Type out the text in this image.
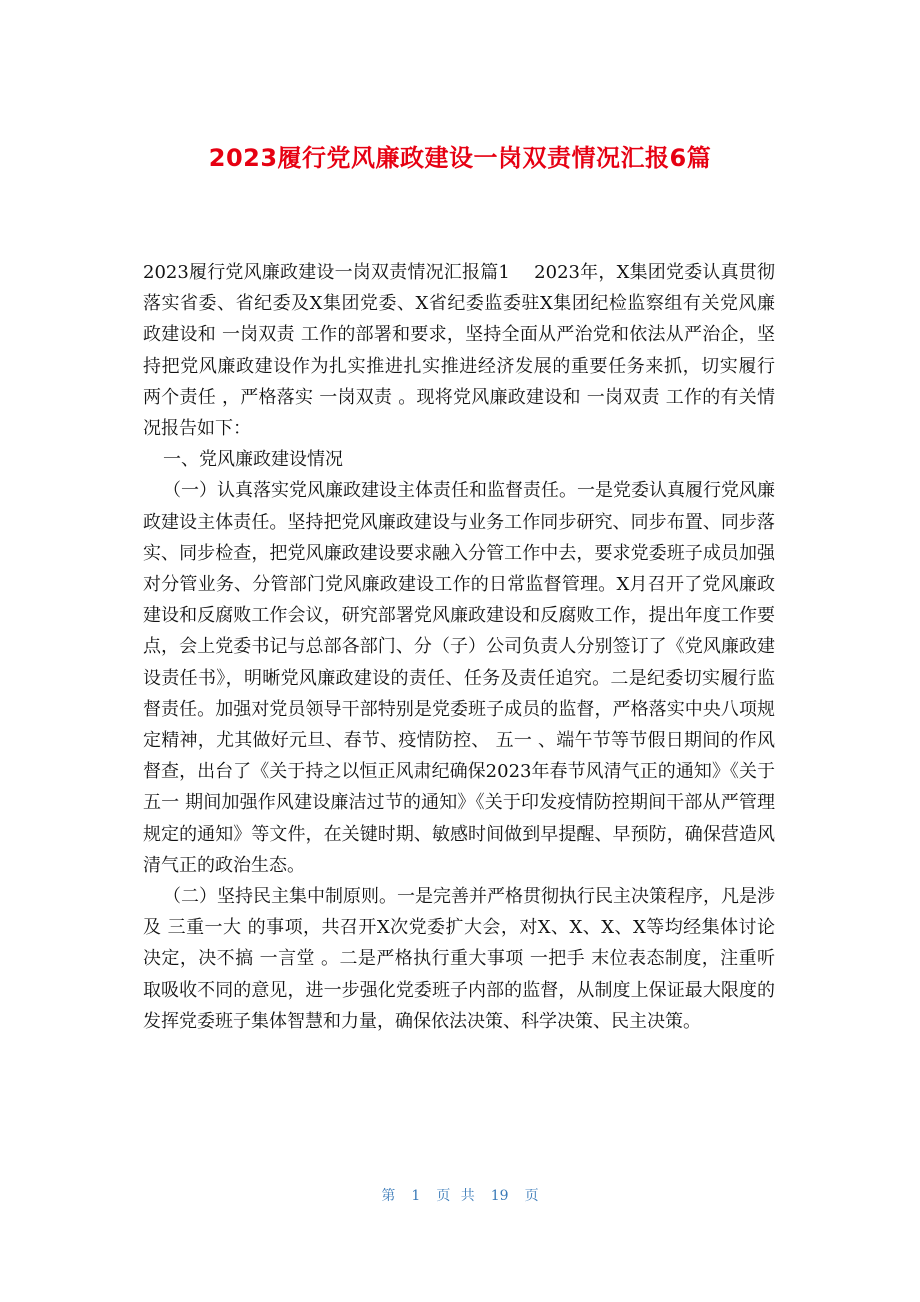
2023履行党风廉政建设一岗双责情况汇报6篇

2023履行党风廉政建设一岗双责情况汇报篇1　 2023年，X集团党委认真贯彻落实省委、省纪委及X集团党委、X省纪委监委驻X集团纪检监察组有关党风廉政建设和 一岗双责 工作的部署和要求，坚持全面从严治党和依法从严治企，坚持把党风廉政建设作为扎实推进扎实推进经济发展的重要任务来抓，切实履行 两个责任 ，严格落实 一岗双责 。现将党风廉政建设和 一岗双责 工作的有关情况报告如下：

一、党风廉政建设情况

（一）认真落实党风廉政建设主体责任和监督责任。一是党委认真履行党风廉政建设主体责任。坚持把党风廉政建设与业务工作同步研究、同步布置、同步落实、同步检查，把党风廉政建设要求融入分管工作中去，要求党委班子成员加强对分管业务、分管部门党风廉政建设工作的日常监督管理。X月召开了党风廉政建设和反腐败工作会议，研究部署党风廉政建设和反腐败工作，提出年度工作要点，会上党委书记与总部各部门、分（子）公司负责人分别签订了《党风廉政建设责任书》，明晰党风廉政建设的责任、任务及责任追究。二是纪委切实履行监督责任。加强对党员领导干部特别是党委班子成员的监督，严格落实中央八项规定精神，尤其做好元旦、春节、疫情防控、 五一 、端午节等节假日期间的作风督查，出台了《关于持之以恒正风肃纪确保2023年春节风清气正的通知》《关于 五一 期间加强作风建设廉洁过节的通知》《关于印发疫情防控期间干部从严管理规定的通知》等文件，在关键时期、敏感时间做到早提醒、早预防，确保营造风清气正的政治生态。

（二）坚持民主集中制原则。一是完善并严格贯彻执行民主决策程序，凡是涉及 三重一大 的事项，共召开X次党委扩大会，对X、X、X、X等均经集体讨论决定，决不搞 一言堂 。二是严格执行重大事项 一把手 末位表态制度，注重听取吸收不同的意见，进一步强化党委班子内部的监督，从制度上保证最大限度的发挥党委班子集体智慧和力量，确保依法决策、科学决策、民主决策。

第 1 页 共 19 页
